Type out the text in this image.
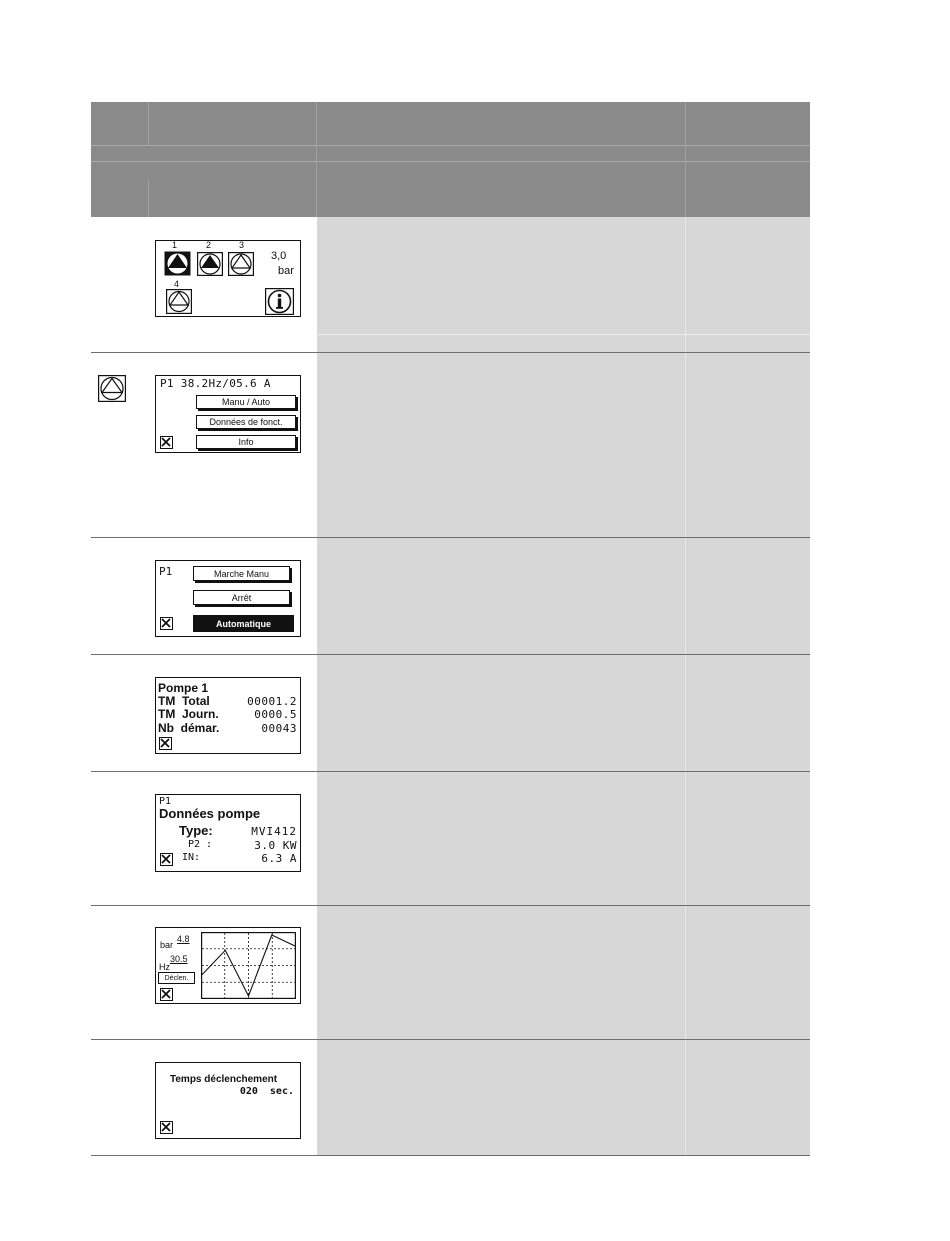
1	2	3
4
3,0
bar
P1 38.2Hz/05.6 A
Manu / Auto
Données de fonct.
Info
P1	Marche Manu
Arrêt
Automatique
Pompe 1
TM  Total	00001.2
TM  Journ.	0000.5
Nb  démar.	00043
P1
Données pompe
Type:	MVI412
P2 :	3.0 KW
IN:	6.3 A
bar
4.8
Hz
30.5
Déclen.
Temps déclenchement
020  sec.
